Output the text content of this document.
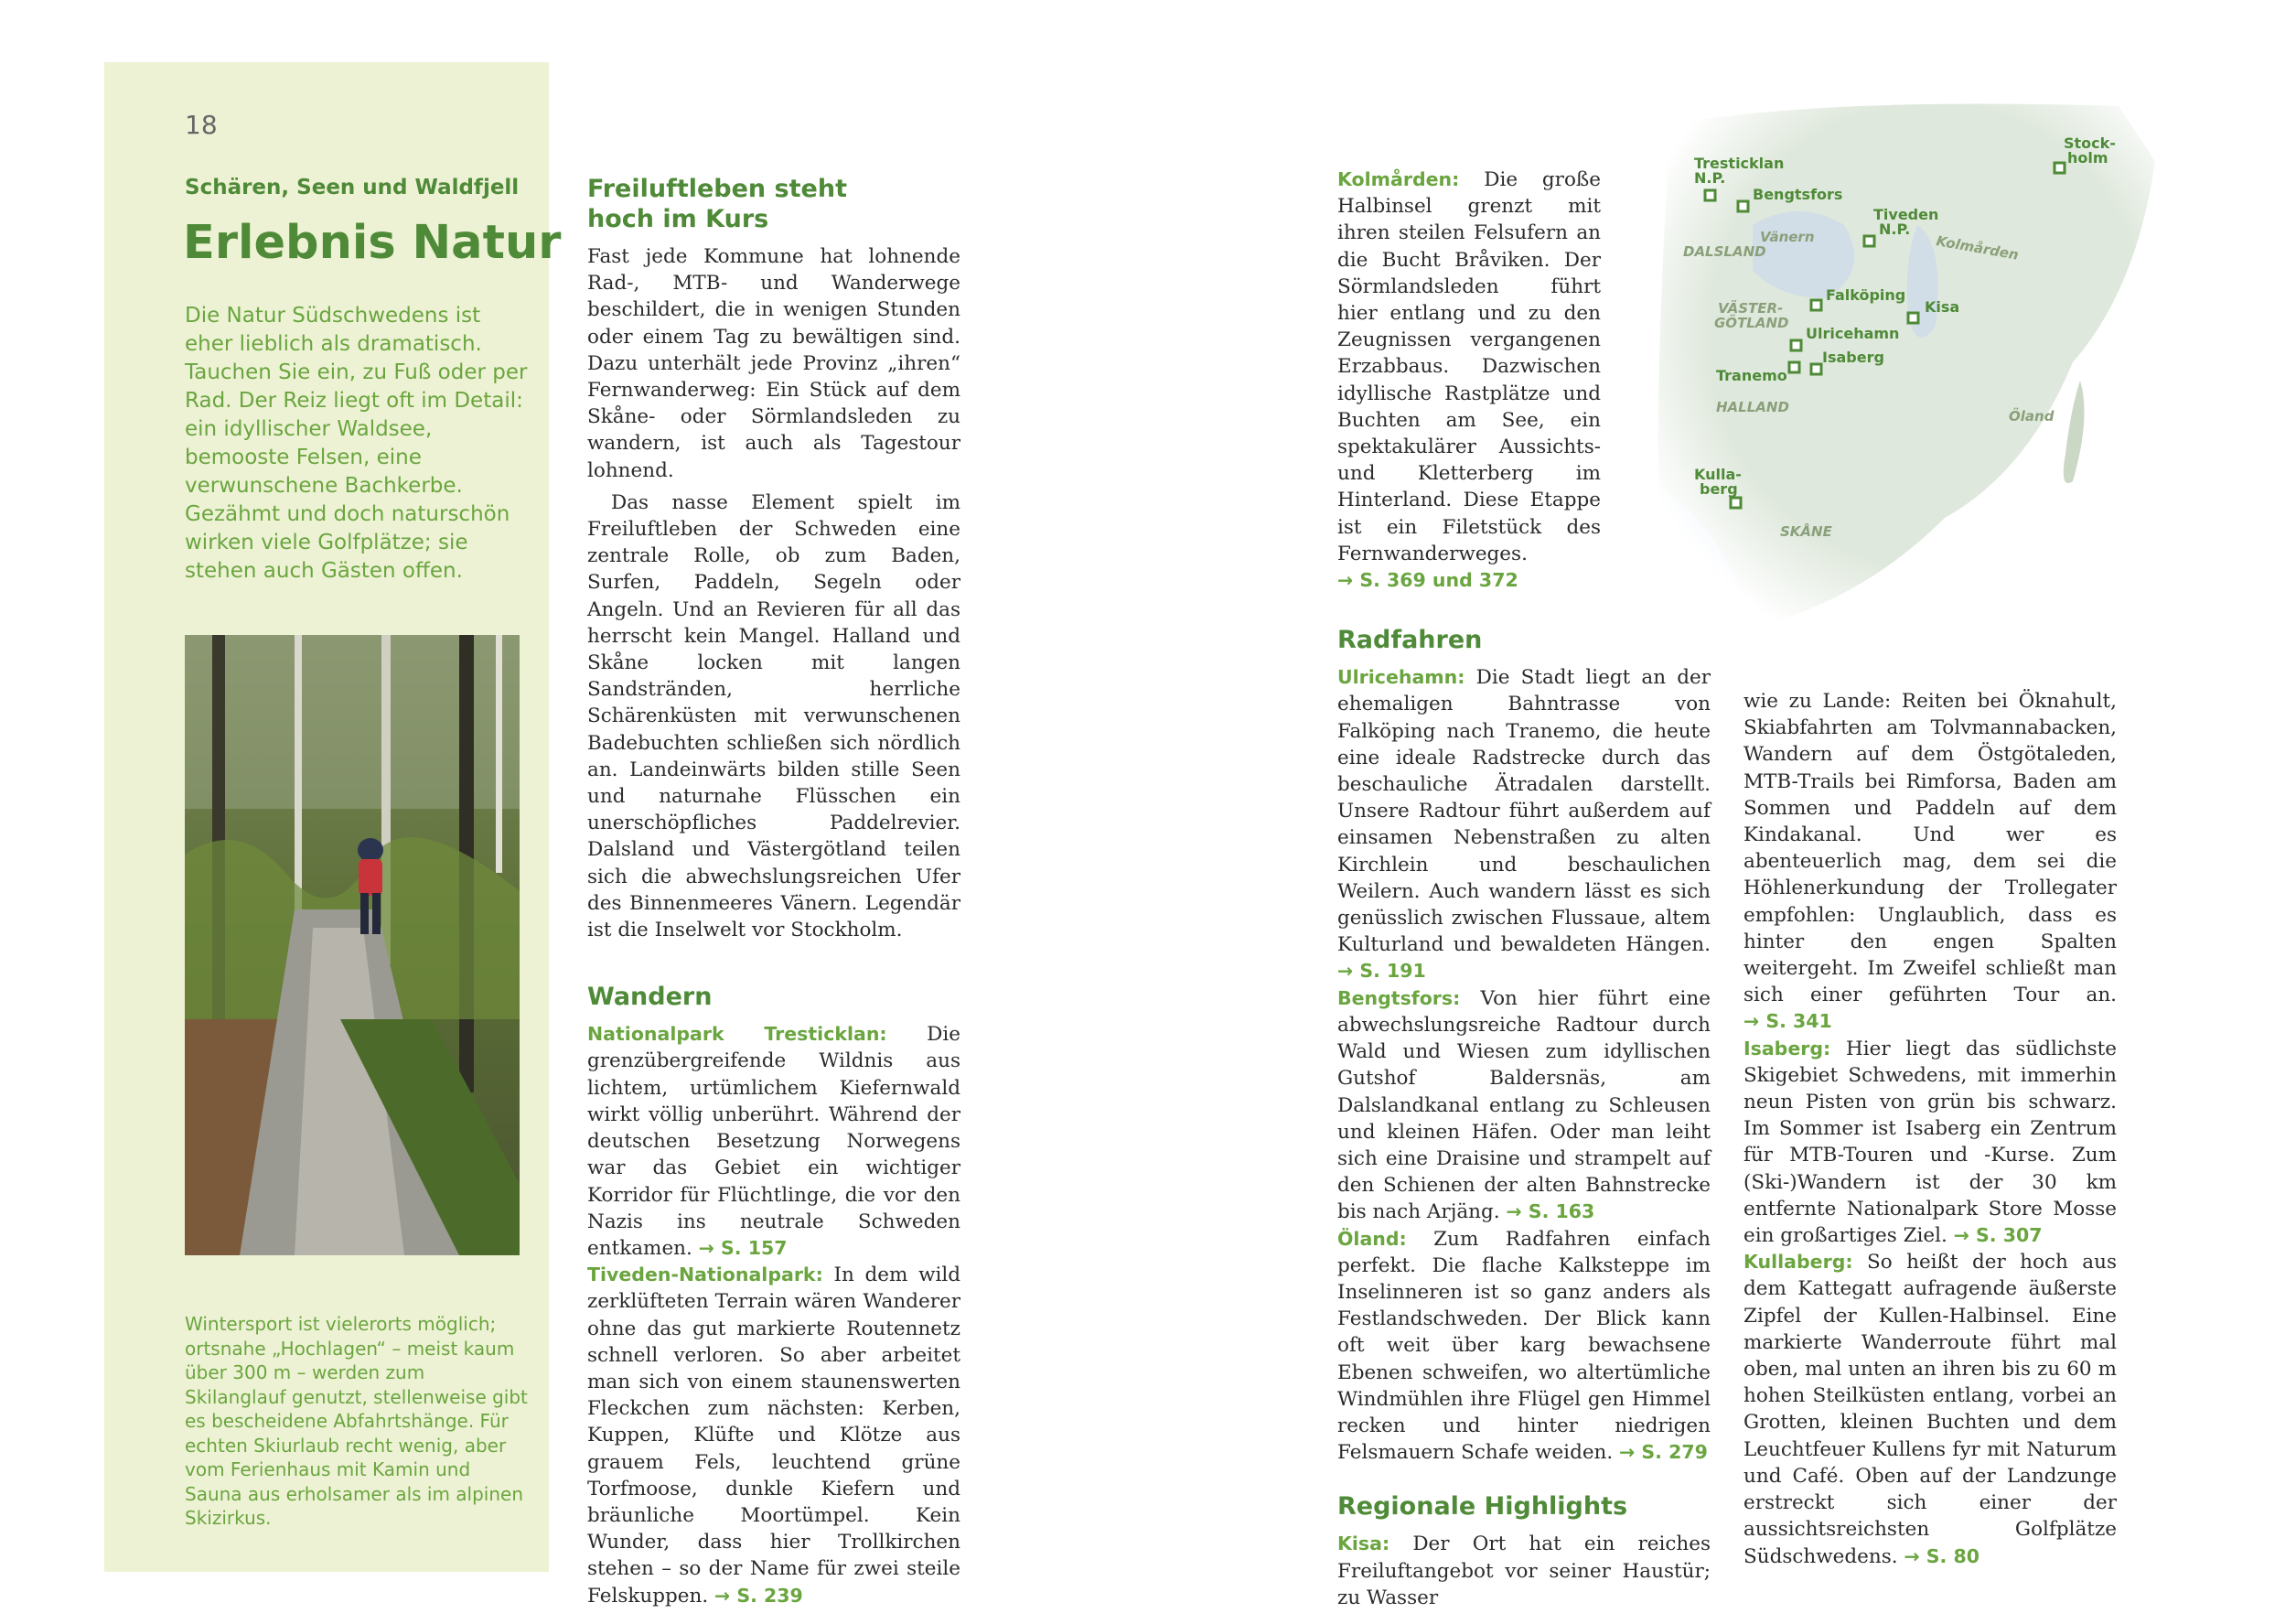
18
Schären, Seen und Waldfjell
Erlebnis Natur
Die Natur Südschwedens ist eher lieblich als dramatisch. Tauchen Sie ein, zu Fuß oder per Rad. Der Reiz liegt oft im Detail: ein idyllischer Waldsee, bemooste Felsen, eine verwunschene Bachkerbe. Gezähmt und doch naturschön wirken viele Golfplätze; sie stehen auch Gästen offen.
Wintersport ist vielerorts möglich; ortsnahe „Hochlagen“ – meist kaum über 300 m – werden zum Skilanglauf genutzt, stellenweise gibt es bescheidene Abfahrtshänge. Für echten Skiurlaub recht wenig, aber vom Ferienhaus mit Kamin und Sauna aus erholsamer als im alpinen Skizirkus.
Freiluftleben steht hoch im Kurs

Fast jede Kommune hat lohnende Rad-, MTB- und Wanderwege beschildert, die in wenigen Stunden oder einem Tag zu bewältigen sind. Dazu unterhält jede Provinz „ihren“ Fernwanderweg: Ein Stück auf dem Skåne- oder Sörmlandsleden zu wandern, ist auch als Tagestour lohnend.

Das nasse Element spielt im Freiluftleben der Schweden eine zentrale Rolle, ob zum Baden, Surfen, Paddeln, Segeln oder Angeln. Und an Revieren für all das herrscht kein Mangel. Halland und Skåne locken mit langen Sandstränden, herrliche Schärenküsten mit verwunschenen Badebuchten schließen sich nördlich an. Landeinwärts bilden stille Seen und naturnahe Flüsschen ein unerschöpfliches Paddelrevier. Dalsland und Västergötland teilen sich die abwechslungsreichen Ufer des Binnenmeeres Vänern. Legendär ist die Inselwelt vor Stockholm.

Wandern

Nationalpark Tresticklan: Die grenzübergreifende Wildnis aus lichtem, urtümlichem Kiefernwald wirkt völlig unberührt. Während der deutschen Besetzung Norwegens war das Gebiet ein wichtiger Korridor für Flüchtlinge, die vor den Nazis ins neutrale Schweden entkamen. → S. 157

Tiveden-Nationalpark: In dem wild zerklüfteten Terrain wären Wanderer ohne das gut markierte Routennetz schnell verloren. So aber arbeitet man sich von einem staunenswerten Fleckchen zum nächsten: Kerben, Kuppen, Klüfte und Klötze aus grauem Fels, leuchtend grüne Torfmoose, dunkle Kiefern und bräunliche Moortümpel. Kein Wunder, dass hier Trollkirchen stehen – so der Name für zwei steile Felskuppen. → S. 239

Kolmården: Die große Halbinsel grenzt mit ihren steilen Felsufern an die Bucht Bråviken. Der Sörmlandsleden führt hier entlang und zu den Zeugnissen vergangenen Erzabbaus. Dazwischen idyllische Rastplätze und Buchten am See, ein spektakulärer Aussichts- und Kletterberg im Hinterland. Diese Etappe ist ein Filetstück des Fernwanderweges. → S. 369 und 372

Radfahren

Ulricehamn: Die Stadt liegt an der ehemaligen Bahntrasse von Falköping nach Tranemo, die heute eine ideale Radstrecke durch das beschauliche Ätradalen darstellt. Unsere Radtour führt außerdem auf einsamen Nebenstraßen zu alten Kirchlein und beschaulichen Weilern. Auch wandern lässt es sich genüsslich zwischen Flussaue, altem Kulturland und bewaldeten Hängen. → S. 191

Bengtsfors: Von hier führt eine abwechslungsreiche Radtour durch Wald und Wiesen zum idyllischen Gutshof Baldersnäs, am Dalslandkanal entlang zu Schleusen und kleinen Häfen. Oder man leiht sich eine Draisine und strampelt auf den Schienen der alten Bahnstrecke bis nach Arjäng. → S. 163

Öland: Zum Radfahren einfach perfekt. Die flache Kalksteppe im Inselinneren ist so ganz anders als Festlandschweden. Der Blick kann oft weit über karg bewachsene Ebenen schweifen, wo altertümliche Windmühlen ihre Flügel gen Himmel recken und hinter niedrigen Felsmauern Schafe weiden. → S. 279

Regionale Highlights

Kisa: Der Ort hat ein reiches Freiluftangebot vor seiner Haustür; zu Wasser

wie zu Lande: Reiten bei Öknahult, Skiabfahrten am Tolvmannabacken, Wandern auf dem Östgötaleden, MTB-Trails bei Rimforsa, Baden am Sommen und Paddeln auf dem Kindakanal. Und wer es abenteuerlich mag, dem sei die Höhlenerkundung der Trollegater empfohlen: Unglaublich, dass es hinter den engen Spalten weitergeht. Im Zweifel schließt man sich einer geführten Tour an. → S. 341

Isaberg: Hier liegt das südlichste Skigebiet Schwedens, mit immerhin neun Pisten von grün bis schwarz. Im Sommer ist Isaberg ein Zentrum für MTB-Touren und -Kurse. Zum (Ski-)Wandern ist der 30 km entfernte Nationalpark Store Mosse ein großartiges Ziel. → S. 307

Kullaberg: So heißt der hoch aus dem Kattegatt aufragende äußerste Zipfel der Kullen-Halbinsel. Eine markierte Wanderroute führt mal oben, mal unten an ihren bis zu 60 m hohen Steilküsten entlang, vorbei an Grotten, kleinen Buchten und dem Leuchtfeuer Kullens fyr mit Naturum und Café. Oben auf der Landzunge erstreckt sich einer der aussichtsreichsten Golfplätze Südschwedens. → S. 80

Tresticklan
N.P.
Bengtsfors
Tiveden
N.P.
Stock-
holm
Falköping
Kisa
Ulricehamn
Isaberg
Tranemo
Kulla-
berg
DALSLAND
Vänern	Kolmården
VÄSTER-
GÖTLAND
HALLAND
Öland
SKÅNE
